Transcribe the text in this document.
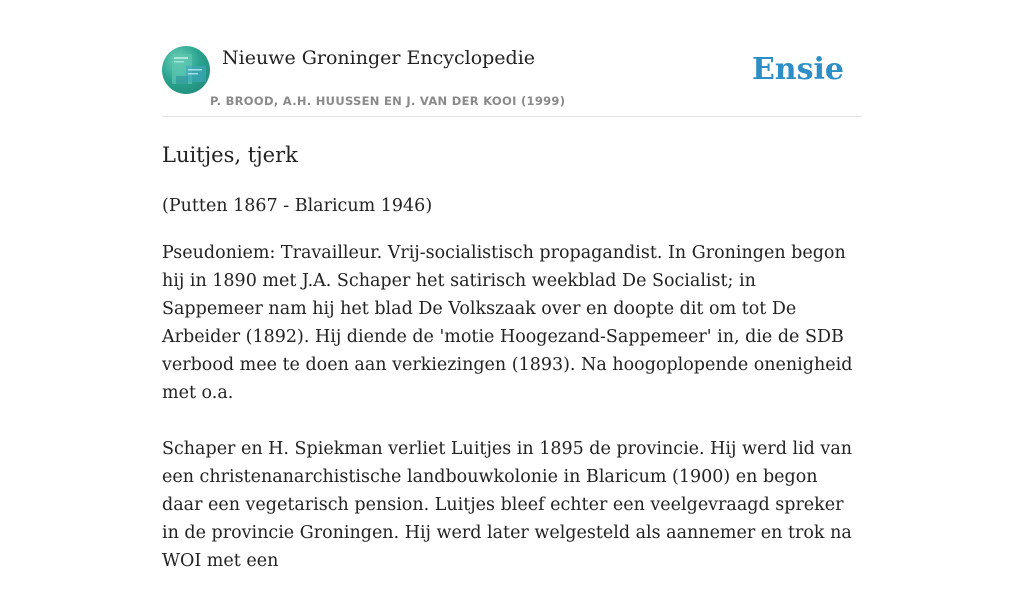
Nieuwe Groninger Encyclopedie
P. BROOD, A.H. HUUSSEN EN J. VAN DER KOOI (1999)
Ensie
Luitjes, tjerk
(Putten 1867 - Blaricum 1946)

Pseudoniem: Travailleur. Vrij-socialistisch propagandist. In Groningen begon hij in 1890 met J.A. Schaper het satirisch weekblad De Socialist; in Sappemeer nam hij het blad De Volkszaak over en doopte dit om tot De Arbeider (1892). Hij diende de 'motie Hoogezand-Sappemeer' in, die de SDB verbood mee te doen aan verkiezingen (1893). Na hoogoplopende onenigheid met o.a.

Schaper en H. Spiekman verliet Luitjes in 1895 de provincie. Hij werd lid van een christenanarchistische landbouwkolonie in Blaricum (1900) en begon daar een vegetarisch pension. Luitjes bleef echter een veelgevraagd spreker in de provincie Groningen. Hij werd later welgesteld als aannemer en trok na WOI met een
